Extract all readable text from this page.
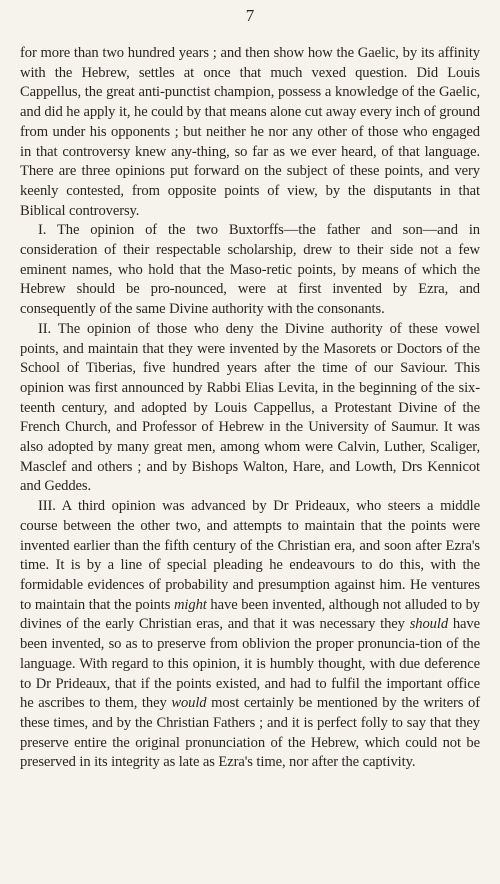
7

for more than two hundred years ; and then show how the Gaelic, by its affinity with the Hebrew, settles at once that much vexed question. Did Louis Cappellus, the great anti-punctist champion, possess a knowledge of the Gaelic, and did he apply it, he could by that means alone cut away every inch of ground from under his opponents ; but neither he nor any other of those who engaged in that controversy knew any-thing, so far as we ever heard, of that language. There are three opinions put forward on the subject of these points, and very keenly contested, from opposite points of view, by the disputants in that Biblical controversy.

I. The opinion of the two Buxtorffs—the father and son—and in consideration of their respectable scholarship, drew to their side not a few eminent names, who hold that the Maso-retic points, by means of which the Hebrew should be pro-nounced, were at first invented by Ezra, and consequently of the same Divine authority with the consonants.

II. The opinion of those who deny the Divine authority of these vowel points, and maintain that they were invented by the Masorets or Doctors of the School of Tiberias, five hundred years after the time of our Saviour. This opinion was first announced by Rabbi Elias Levita, in the beginning of the six-teenth century, and adopted by Louis Cappellus, a Protestant Divine of the French Church, and Professor of Hebrew in the University of Saumur. It was also adopted by many great men, among whom were Calvin, Luther, Scaliger, Masclef and others ; and by Bishops Walton, Hare, and Lowth, Drs Kennicot and Geddes.

III. A third opinion was advanced by Dr Prideaux, who steers a middle course between the other two, and attempts to maintain that the points were invented earlier than the fifth century of the Christian era, and soon after Ezra's time. It is by a line of special pleading he endeavours to do this, with the formidable evidences of probability and presumption against him. He ventures to maintain that the points might have been invented, although not alluded to by divines of the early Christian eras, and that it was necessary they should have been invented, so as to preserve from oblivion the proper pronuncia-tion of the language. With regard to this opinion, it is humbly thought, with due deference to Dr Prideaux, that if the points existed, and had to fulfil the important office he ascribes to them, they would most certainly be mentioned by the writers of these times, and by the Christian Fathers ; and it is perfect folly to say that they preserve entire the original pronunciation of the Hebrew, which could not be preserved in its integrity as late as Ezra's time, nor after the captivity.
